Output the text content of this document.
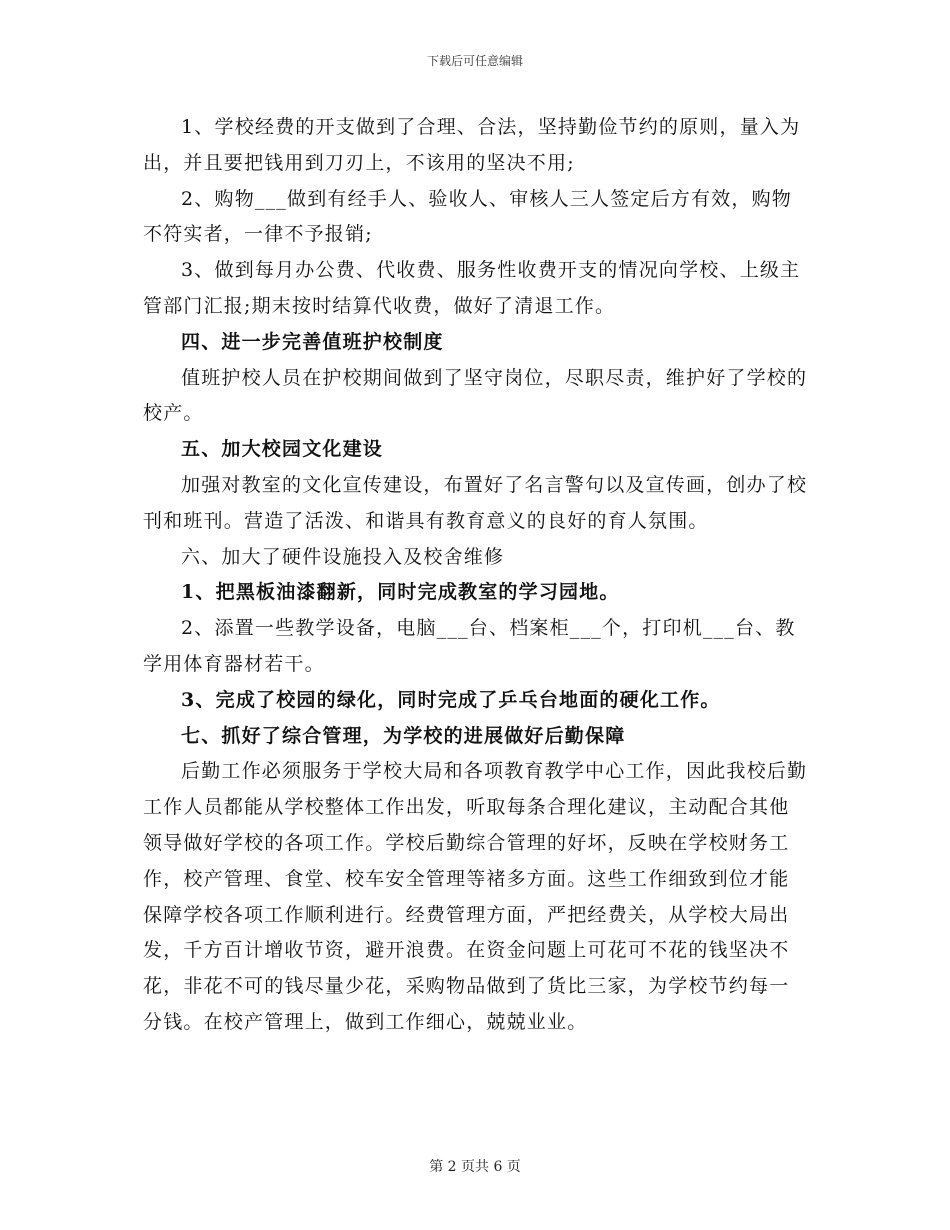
下载后可任意编辑

1、学校经费的开支做到了合理、合法，坚持勤俭节约的原则，量入为出，并且要把钱用到刀刃上，不该用的坚决不用;

2、购物___做到有经手人、验收人、审核人三人签定后方有效，购物不符实者，一律不予报销;

3、做到每月办公费、代收费、服务性收费开支的情况向学校、上级主管部门汇报;期末按时结算代收费，做好了清退工作。

四、进一步完善值班护校制度

值班护校人员在护校期间做到了坚守岗位，尽职尽责，维护好了学校的校产。

五、加大校园文化建设

加强对教室的文化宣传建设，布置好了名言警句以及宣传画，创办了校刊和班刊。营造了活泼、和谐具有教育意义的良好的育人氛围。

六、加大了硬件设施投入及校舍维修

1、把黑板油漆翻新，同时完成教室的学习园地。

2、添置一些教学设备，电脑___台、档案柜___个，打印机___台、教学用体育器材若干。

3、完成了校园的绿化，同时完成了乒乓台地面的硬化工作。

七、抓好了综合管理，为学校的进展做好后勤保障

后勤工作必须服务于学校大局和各项教育教学中心工作，因此我校后勤工作人员都能从学校整体工作出发，听取每条合理化建议，主动配合其他领导做好学校的各项工作。学校后勤综合管理的好坏，反映在学校财务工作，校产管理、食堂、校车安全管理等褚多方面。这些工作细致到位才能保障学校各项工作顺利进行。经费管理方面，严把经费关，从学校大局出发，千方百计增收节资，避开浪费。在资金问题上可花可不花的钱坚决不花，非花不可的钱尽量少花，采购物品做到了货比三家，为学校节约每一分钱。在校产管理上，做到工作细心，兢兢业业。

第 2 页共 6 页
